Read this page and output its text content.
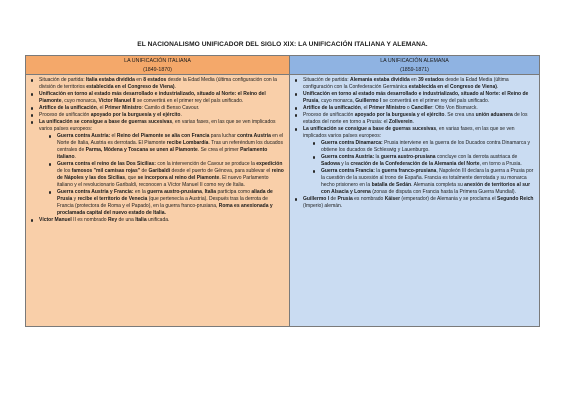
EL NACIONALISMO UNIFICADOR DEL SIGLO XIX: LA UNIFICACIÓN ITALIANA Y ALEMANA.
LA UNIFICACIÓN ITALIANA
(1849-1870)
Situación de partida: Italia estaba dividida en 8 estados desde la Edad Media (última configuración con la división de territorios establecida en el Congreso de Viena).
Unificación en torno al estado más desarrollado e industrializado, situado al Norte: el Reino del Piamonte, cuyo monarca, Víctor Manuel II se convertirá en el primer rey del país unificado.
Artífice de la unificación, el Primer Ministro: Camilo di Benso Cavour.
Proceso de unificación apoyado por la burguesía y el ejército.
La unificación se consigue a base de guerras sucesivas, en varias fases, en las que se ven implicados varios países europeos:
Guerra contra Austria: el Reino del Piamonte se alía con Francia para luchar contra Austria en el Norte de Italia, Austria es derrotada. El Piamonte recibe Lombardía. Tras un referéndum los ducados centrales de Parma, Módena y Toscana se unen al Piamonte. Se crea el primer Parlamento italiano.
Guerra contra el reino de las Dos Sicilias: con la intervención de Cavour se produce la expedición de los famosos "mil camisas rojas" de Garibaldi desde el puerto de Génova, para sublevar el reino de Nápoles y las dos Sicilias, que se incorpora al reino del Piamonte. El nuevo Parlamento italiano y el revolucionario Garibaldi, reconocen a Víctor Manuel II como rey de Italia.
Guerra contra Austria y Francia: en la guerra austro-prusiana, Italia participa como aliada de Prusia y recibe el territorio de Venecia (que pertenecía a Austria). Después tras la derrota de Francia (protectora de Roma y el Papado), en la guerra franco-prusiana, Roma es anexionada y proclamada capital del nuevo estado de Italia.
Víctor Manuel II es nombrado Rey de una Italia unificada.
LA UNIFICACIÓN ALEMANA
(1859-1871)
Situación de partida: Alemania estaba dividida en 39 estados desde la Edad Media (última configuración con la Confederación Germánica establecida en el Congreso de Viena).
Unificación en torno al estado más desarrollado e industrializado, situado al Norte: el Reino de Prusia, cuyo monarca, Guillermo I se convertirá en el primer rey del país unificado.
Artífice de la unificación, el Primer Ministro o Canciller: Otto Von Bismarck.
Proceso de unificación apoyado por la burguesía y el ejército. Se crea una unión aduanera de los estados del norte en torno a Prusia: el Zollverein.
La unificación se consigue a base de guerras sucesivas, en varias fases, en las que se ven implicados varios países europeos:
Guerra contra Dinamarca: Prusia interviene en la guerra de los Ducados contra Dinamarca y obtiene los ducados de Schleswig y Lauenburgo.
Guerra contra Austria: la guerra austro-prusiana concluye con la derrota austriaca de Sadowa y la creación de la Confederación de la Alemania del Norte, en torno a Prusia.
Guerra contra Francia: la guerra franco-prusiana, Napoleón III declara la guerra a Prusia por la cuestión de la sucesión al trono de España. Francia es totalmente derrotada y su monarca hecho prisionero en la batalla de Sedán. Alemania completa su anexión de territorios al sur con Alsacia y Lorena (zonas de disputa con Francia hasta la Primera Guerra Mundial).
Guillermo I de Prusia es nombrado Káiser (emperador) de Alemania y se proclama el Segundo Reich (Imperio) alemán.
